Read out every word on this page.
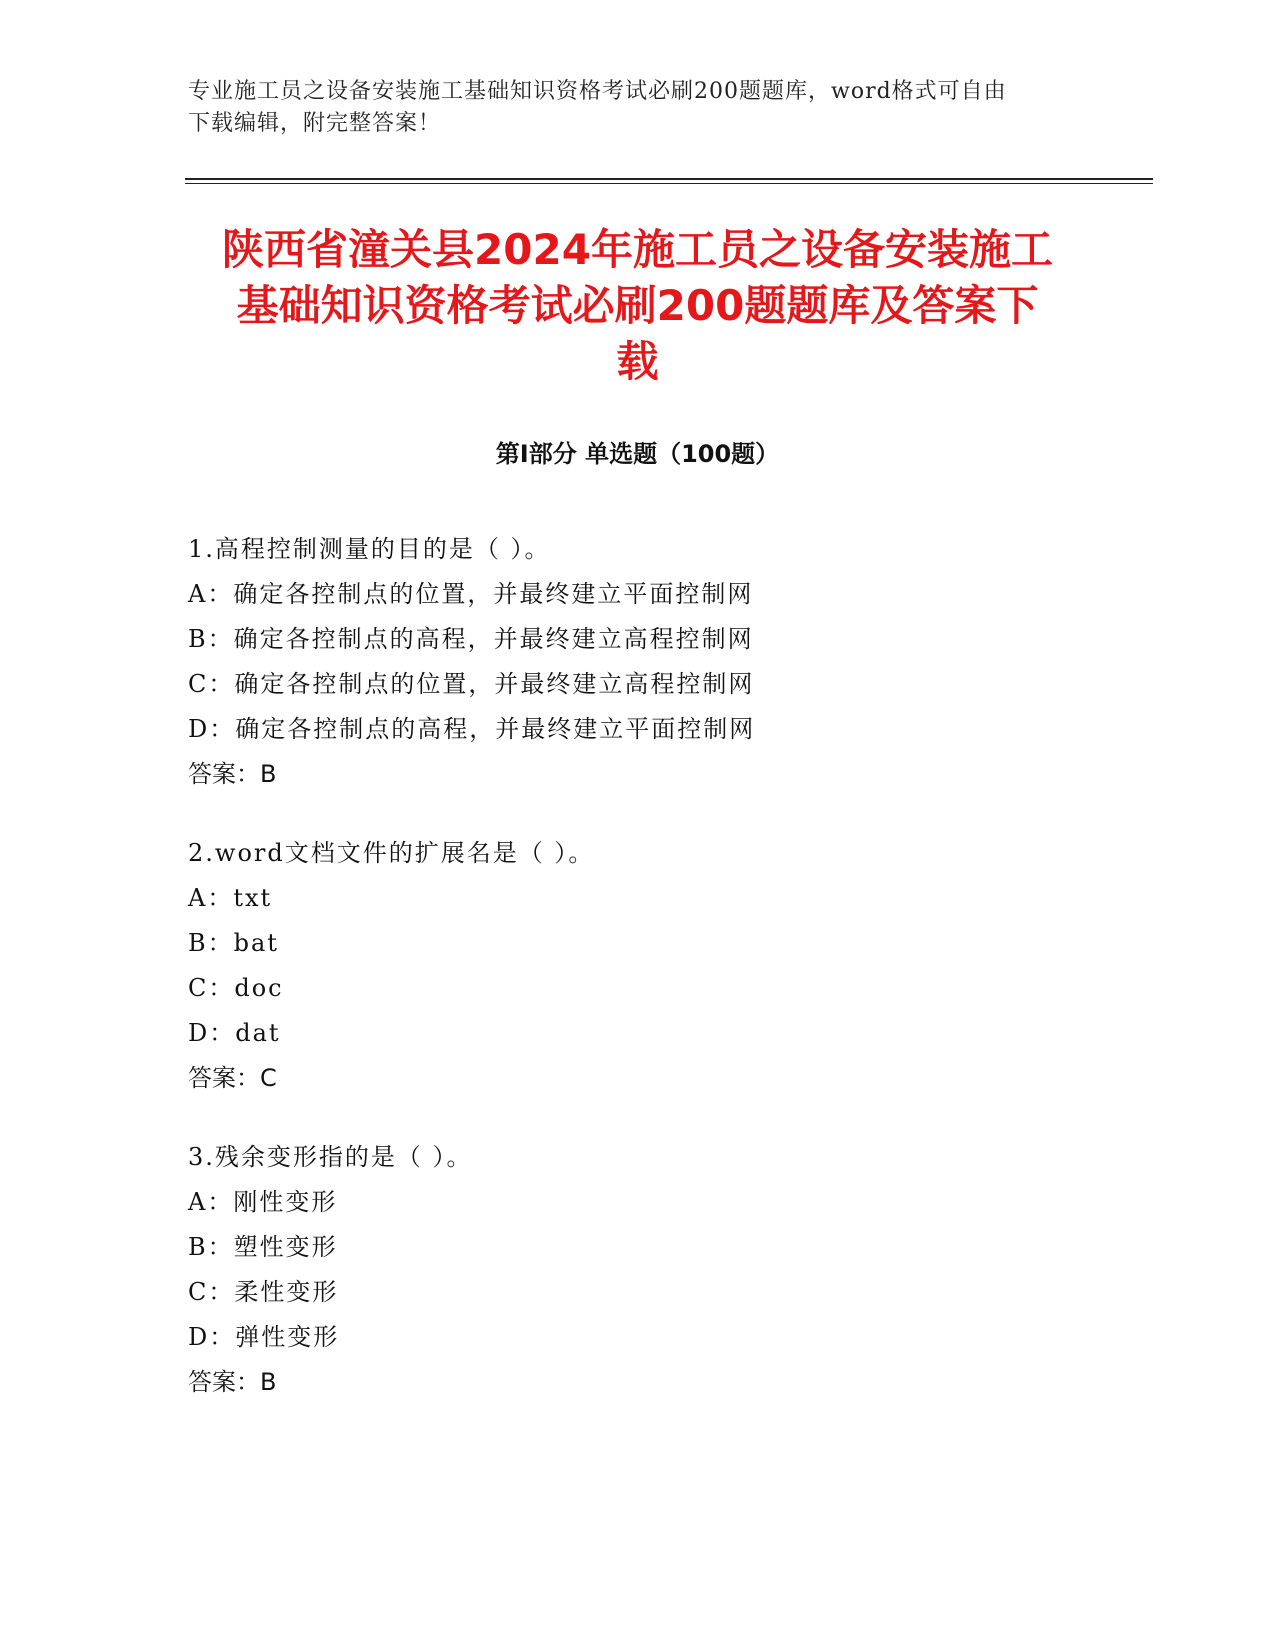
专业施工员之设备安装施工基础知识资格考试必刷200题题库，word格式可自由
下载编辑，附完整答案！
陕西省潼关县2024年施工员之设备安装施工
基础知识资格考试必刷200题题库及答案下
载
第Ⅰ部分 单选题（100题）
1.高程控制测量的目的是（ ）。
A：确定各控制点的位置，并最终建立平面控制网
B：确定各控制点的高程，并最终建立高程控制网
C：确定各控制点的位置，并最终建立高程控制网
D：确定各控制点的高程，并最终建立平面控制网
答案：B
2.word文档文件的扩展名是（ ）。
A：txt
B：bat
C：doc
D：dat
答案：C
3.残余变形指的是（ ）。
A：刚性变形
B：塑性变形
C：柔性变形
D：弹性变形
答案：B
